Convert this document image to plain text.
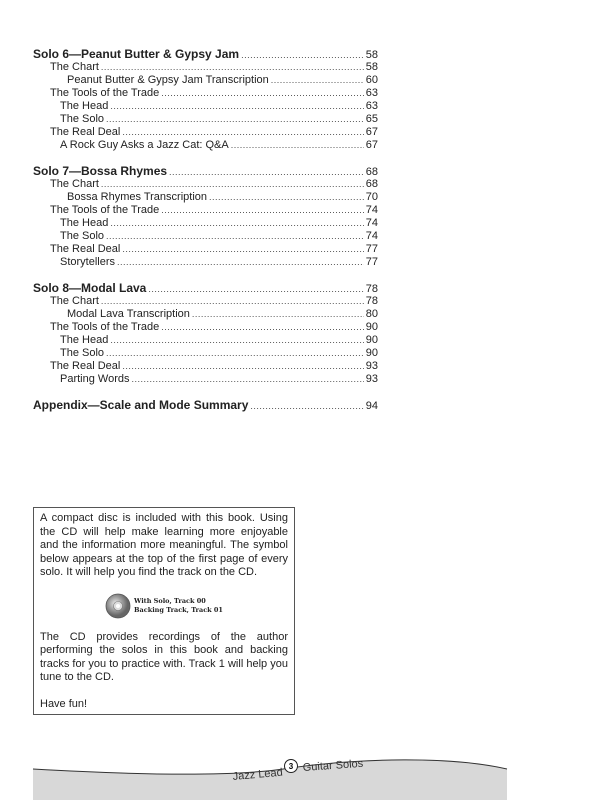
Solo 6—Peanut Butter & Gypsy Jam .....	58
The Chart .....	58
Peanut Butter & Gypsy Jam Transcription .....	60
The Tools of the Trade .....	63
The Head .....	63
The Solo .....	65
The Real Deal .....	67
A Rock Guy Asks a Jazz Cat: Q&A .....	67
Solo 7—Bossa Rhymes .....	68
The Chart .....	68
Bossa Rhymes Transcription .....	70
The Tools of the Trade .....	74
The Head .....	74
The Solo .....	74
The Real Deal .....	77
Storytellers .....	77
Solo 8—Modal Lava .....	78
The Chart .....	78
Modal Lava Transcription .....	80
The Tools of the Trade .....	90
The Head .....	90
The Solo .....	90
The Real Deal .....	93
Parting Words .....	93
Appendix—Scale and Mode Summary .....	94

A compact disc is included with this book. Using the CD will help make learning more enjoyable and the information more meaningful. The symbol below appears at the top of the first page of every solo. It will help you find the track on the CD.

With Solo, Track 00
Backing Track, Track 01

The CD provides recordings of the author performing the solos in this book and backing tracks for you to practice with. Track 1 will help you tune to the CD.

Have fun!

3
Jazz Lead
Guitar Solos
